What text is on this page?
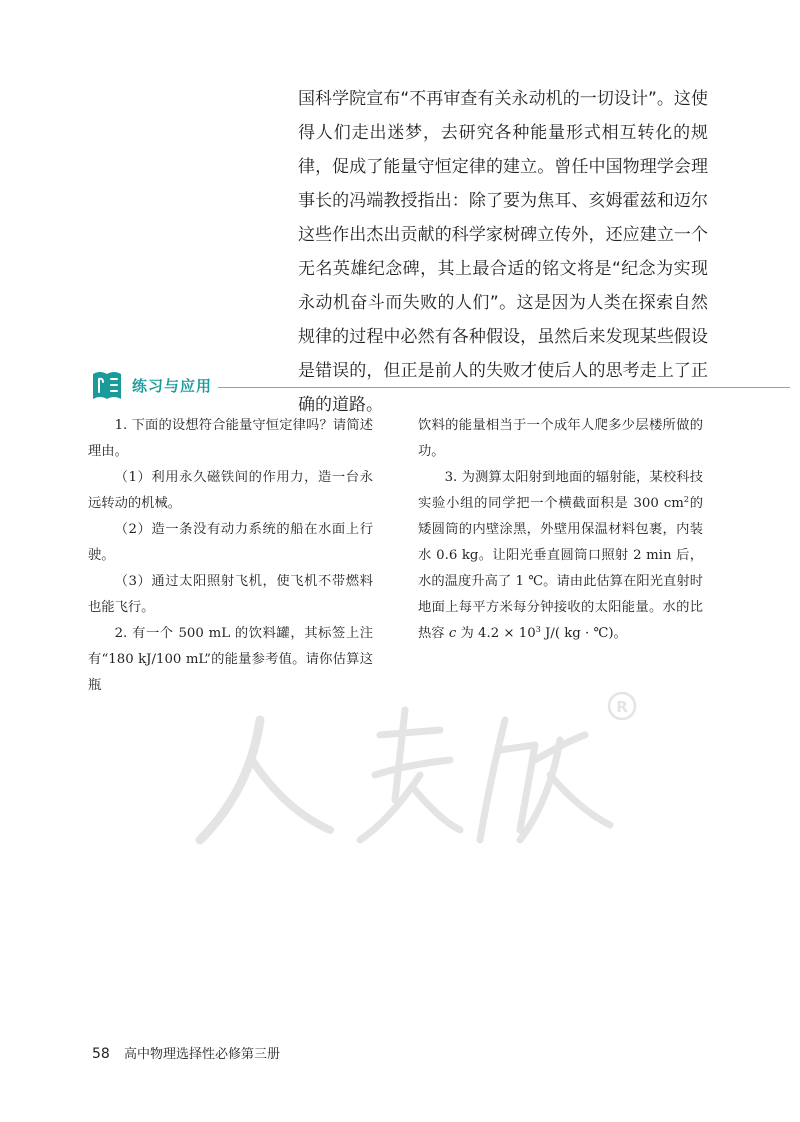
国科学院宣布“不再审查有关永动机的一切设计”。这使得人们走出迷梦，去研究各种能量形式相互转化的规律，促成了能量守恒定律的建立。曾任中国物理学会理事长的冯端教授指出：除了要为焦耳、亥姆霍兹和迈尔这些作出杰出贡献的科学家树碑立传外，还应建立一个无名英雄纪念碑，其上最合适的铭文将是“纪念为实现永动机奋斗而失败的人们”。这是因为人类在探索自然规律的过程中必然有各种假设，虽然后来发现某些假设是错误的，但正是前人的失败才使后人的思考走上了正确的道路。
练习与应用

1. 下面的设想符合能量守恒定律吗？请简述理由。

（1）利用永久磁铁间的作用力，造一台永远转动的机械。

（2）造一条没有动力系统的船在水面上行驶。

（3）通过太阳照射飞机，使飞机不带燃料也能飞行。

2. 有一个 500 mL 的饮料罐，其标签上注有“180 kJ/100 mL”的能量参考值。请你估算这瓶

饮料的能量相当于一个成年人爬多少层楼所做的功。

3. 为测算太阳射到地面的辐射能，某校科技实验小组的同学把一个横截面积是 300 $cm^2$的矮圆筒的内壁涂黑，外壁用保温材料包裹，内装水 0.6 kg。让阳光垂直圆筒口照射 2 min 后，水的温度升高了 1 ℃。请由此估算在阳光直射时地面上每平方米每分钟接收的太阳能量。水的比热容 c 为 $4.2 \times 10^3$ J/( kg · ℃)。

R
58 高中物理选择性必修第三册
